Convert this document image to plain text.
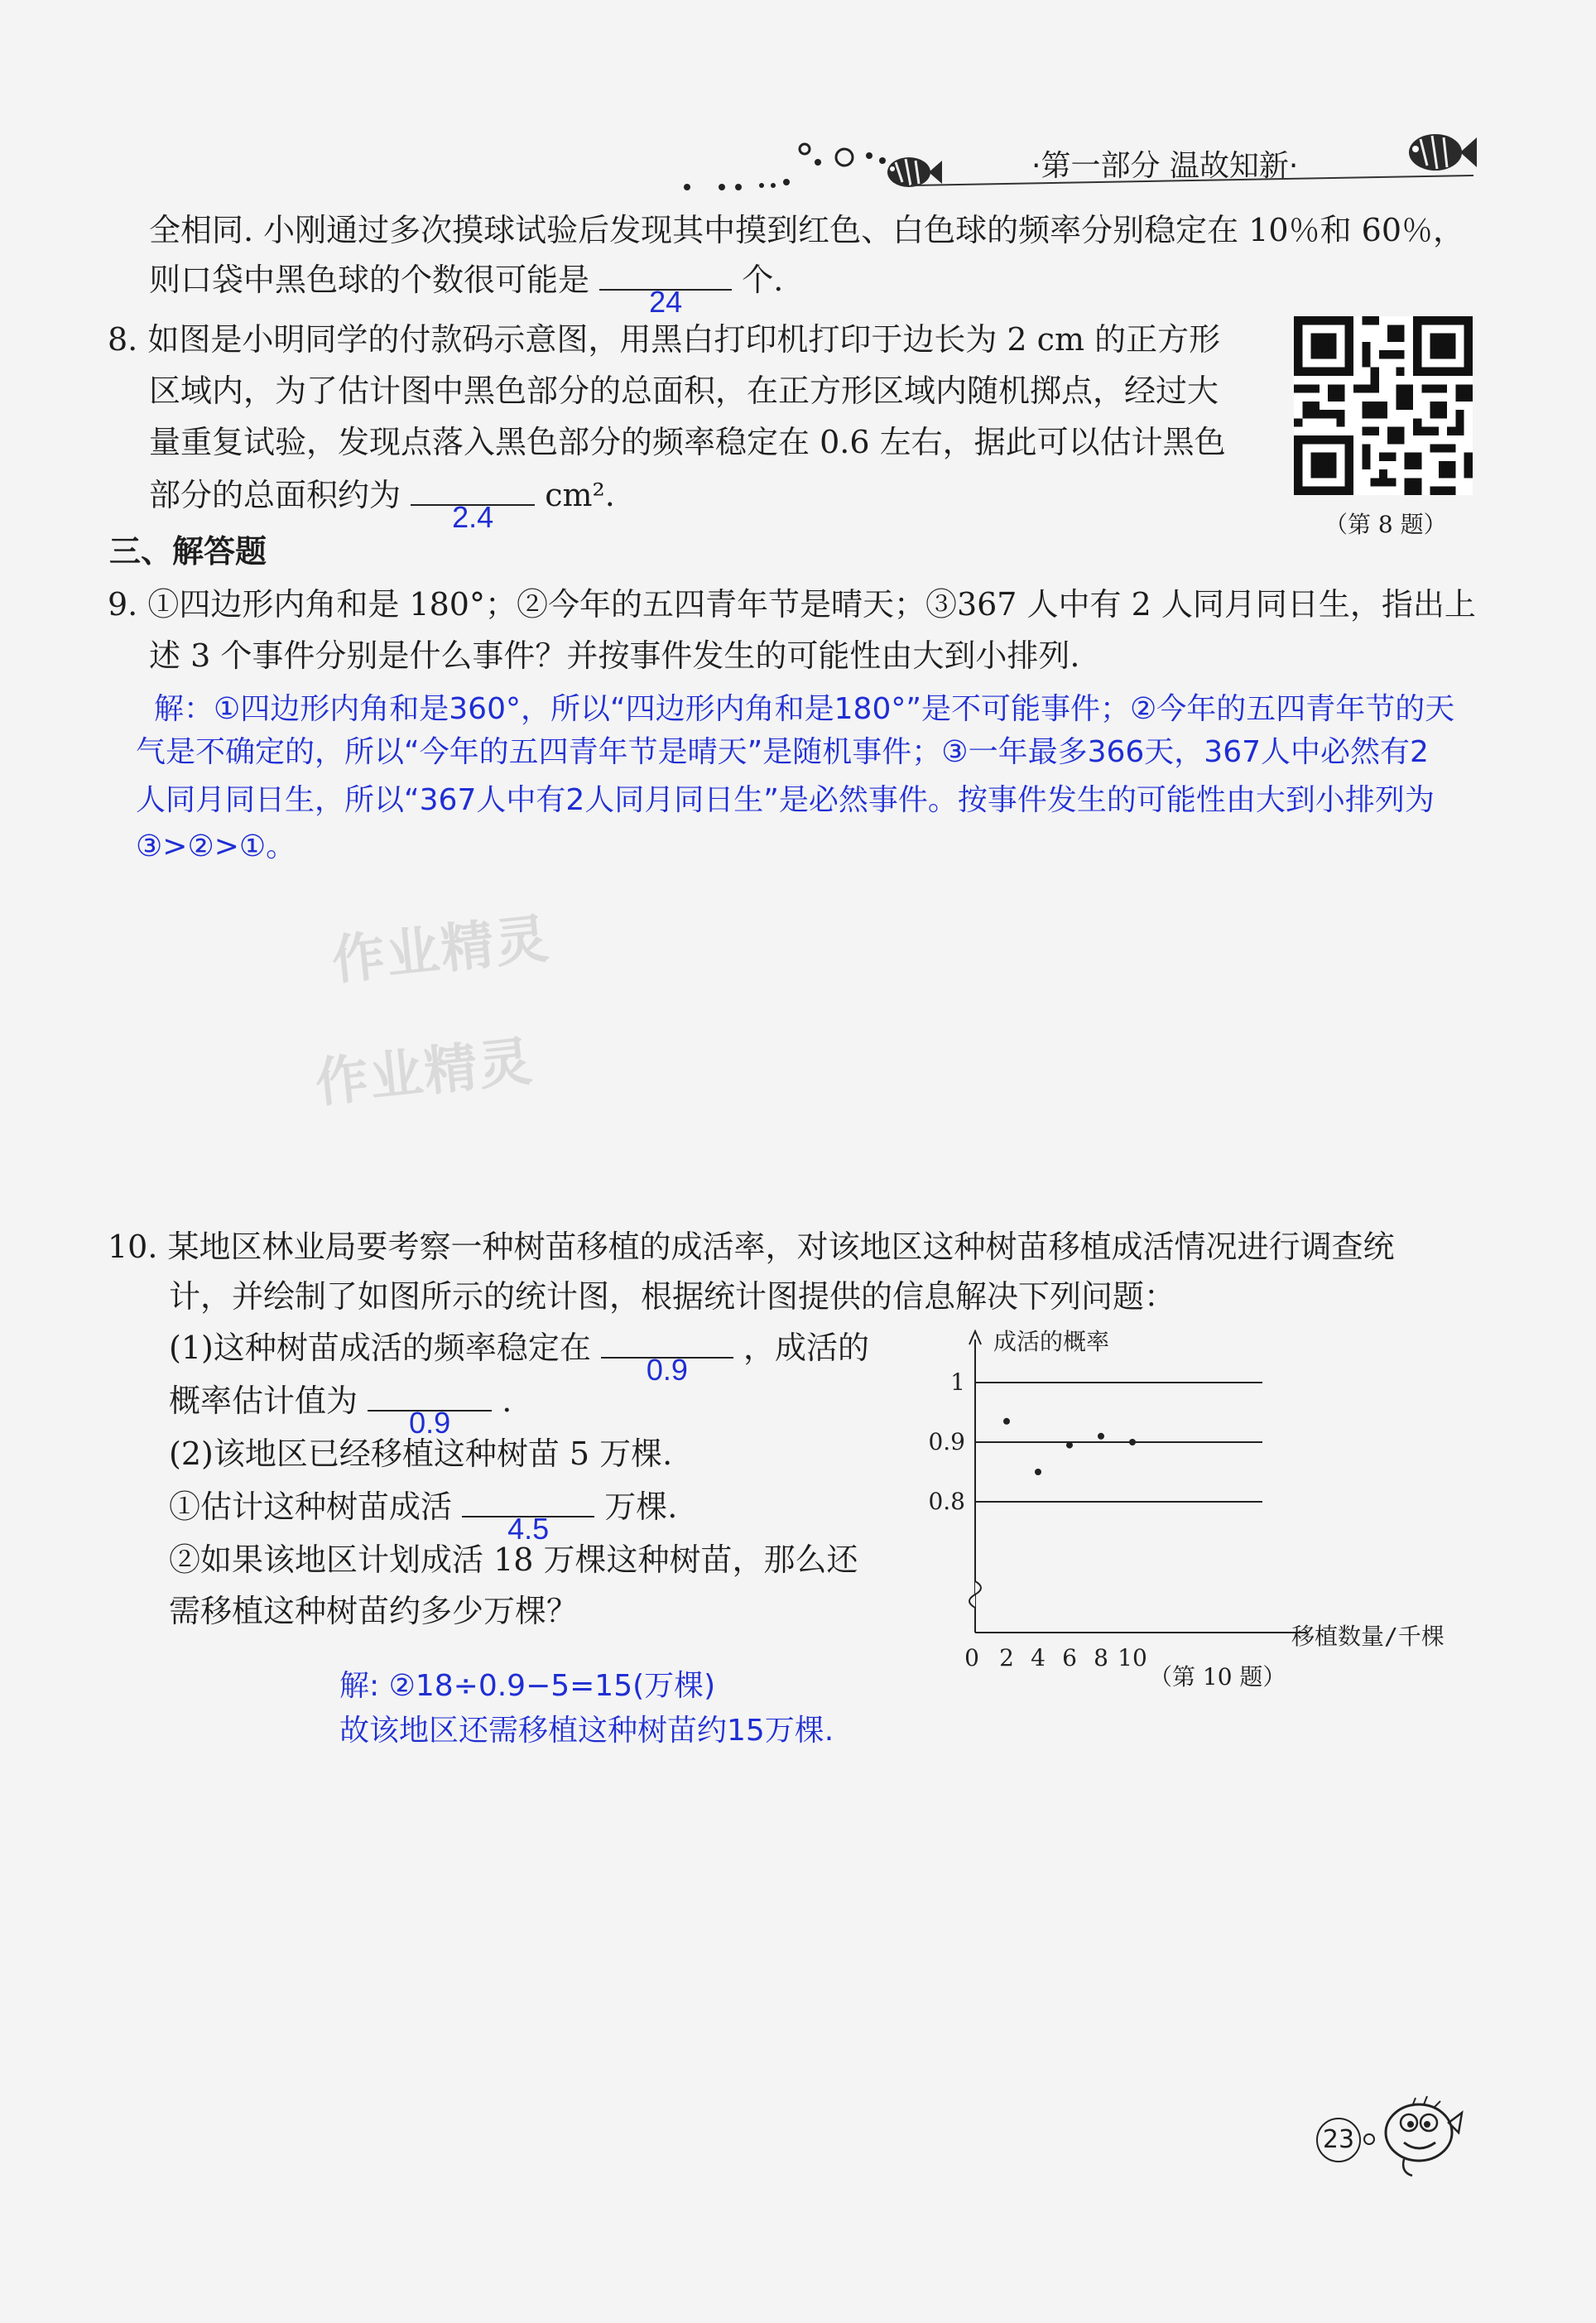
·第一部分 温故知新·
全相同. 小刚通过多次摸球试验后发现其中摸到红色、白色球的频率分别稳定在 10％和 60％，
则口袋中黑色球的个数很可能是
24
个.
8. 如图是小明同学的付款码示意图，用黑白打印机打印于边长为 2 cm 的正方形
区域内，为了估计图中黑色部分的总面积，在正方形区域内随机掷点，经过大
量重复试验，发现点落入黑色部分的频率稳定在 0.6 左右，据此可以估计黑色
部分的总面积约为
2.4
cm².
（第 8 题）
三、解答题
9. ①四边形内角和是 180°；②今年的五四青年节是晴天；③367 人中有 2 人同月同日生，指出上
述 3 个事件分别是什么事件？并按事件发生的可能性由大到小排列.
解：①四边形内角和是360°，所以“四边形内角和是180°”是不可能事件；②今年的五四青年节的天
气是不确定的，所以“今年的五四青年节是晴天”是随机事件；③一年最多366天，367人中必然有2
人同月同日生，所以“367人中有2人同月同日生”是必然事件。按事件发生的可能性由大到小排列为
③>②>①。
作业精灵
作业精灵
10. 某地区林业局要考察一种树苗移植的成活率，对该地区这种树苗移植成活情况进行调查统
计，并绘制了如图所示的统计图，根据统计图提供的信息解决下列问题：
(1)这种树苗成活的频率稳定在
0.9
，成活的
概率估计值为
0.9
.
(2)该地区已经移植这种树苗 5 万棵.
①估计这种树苗成活
4.5
万棵.
②如果该地区计划成活 18 万棵这种树苗，那么还
需移植这种树苗约多少万棵？
解: ②18÷0.9−5=15(万棵)
故该地区还需移植这种树苗约15万棵.
成活的概率
移植数量/千棵
1
0.9
0.8
0 2 4 6 8 10
（第 10 题）
23
